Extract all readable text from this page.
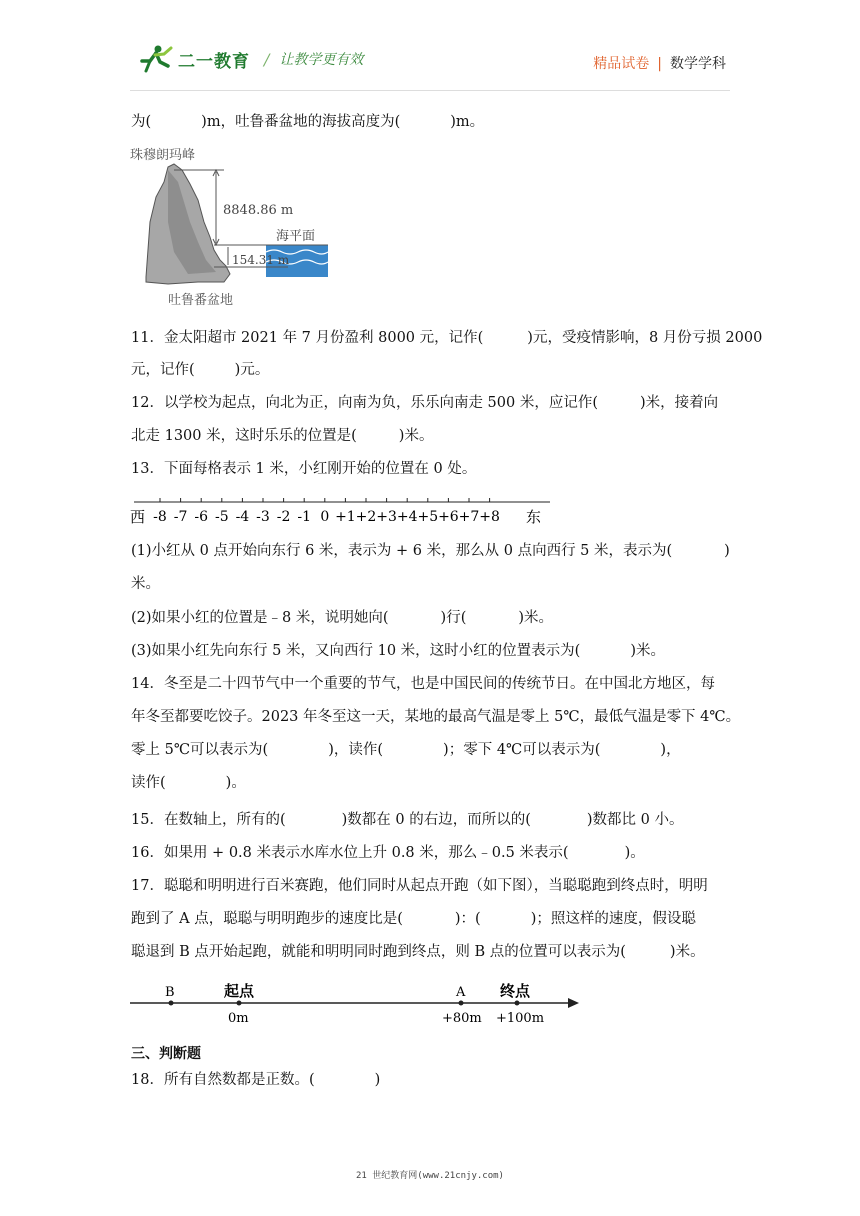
二一教育 / 让教学更有效	精品试卷 | 数学学科
为(	)m，吐鲁番盆地的海拔高度为(	)m。
珠穆朗玛峰
8848.86 m
海平面
154.31 m
吐鲁番盆地
11．金太阳超市 2021 年 7 月份盈利 8000 元，记作(	)元，受疫情影响，8 月份亏损 2000
元，记作(	)元。
12．以学校为起点，向北为正，向南为负，乐乐向南走 500 米，应记作(	)米，接着向
北走 1300 米，这时乐乐的位置是(	)米。
13．下面每格表示 1 米，小红刚开始的位置在 0 处。
西	东
-8 -7 -6 -5 -4 -3 -2 -1 0 +1 +2 +3 +4 +5 +6 +7 +8
(1)小红从 0 点开始向东行 6 米，表示为 + 6 米，那么从 0 点向西行 5 米，表示为(	)
米。
(2)如果小红的位置是﹣8 米，说明她向(	)行(	)米。
(3)如果小红先向东行 5 米，又向西行 10 米，这时小红的位置表示为(	)米。
14．冬至是二十四节气中一个重要的节气，也是中国民间的传统节日。在中国北方地区，每
年冬至都要吃饺子。2023 年冬至这一天，某地的最高气温是零上 5℃，最低气温是零下 4℃。
零上 5℃可以表示为(	)，读作(	)；零下 4℃可以表示为(	)，
读作(	)。
15．在数轴上，所有的(	)数都在 0 的右边，而所以的(	)数都比 0 小。
16．如果用 + 0.8 米表示水库水位上升 0.8 米，那么﹣0.5 米表示(	)。
17．聪聪和明明进行百米赛跑，他们同时从起点开跑（如下图），当聪聪跑到终点时，明明
跑到了 A 点，聪聪与明明跑步的速度比是(	)：(	)；照这样的速度，假设聪
聪退到 B 点开始起跑，就能和明明同时跑到终点，则 B 点的位置可以表示为(	)米。
B	起点
0m
A
+80m
终点
+100m
三、判断题
18．所有自然数都是正数。(	)
21 世纪教育网(www.21cnjy.com)
